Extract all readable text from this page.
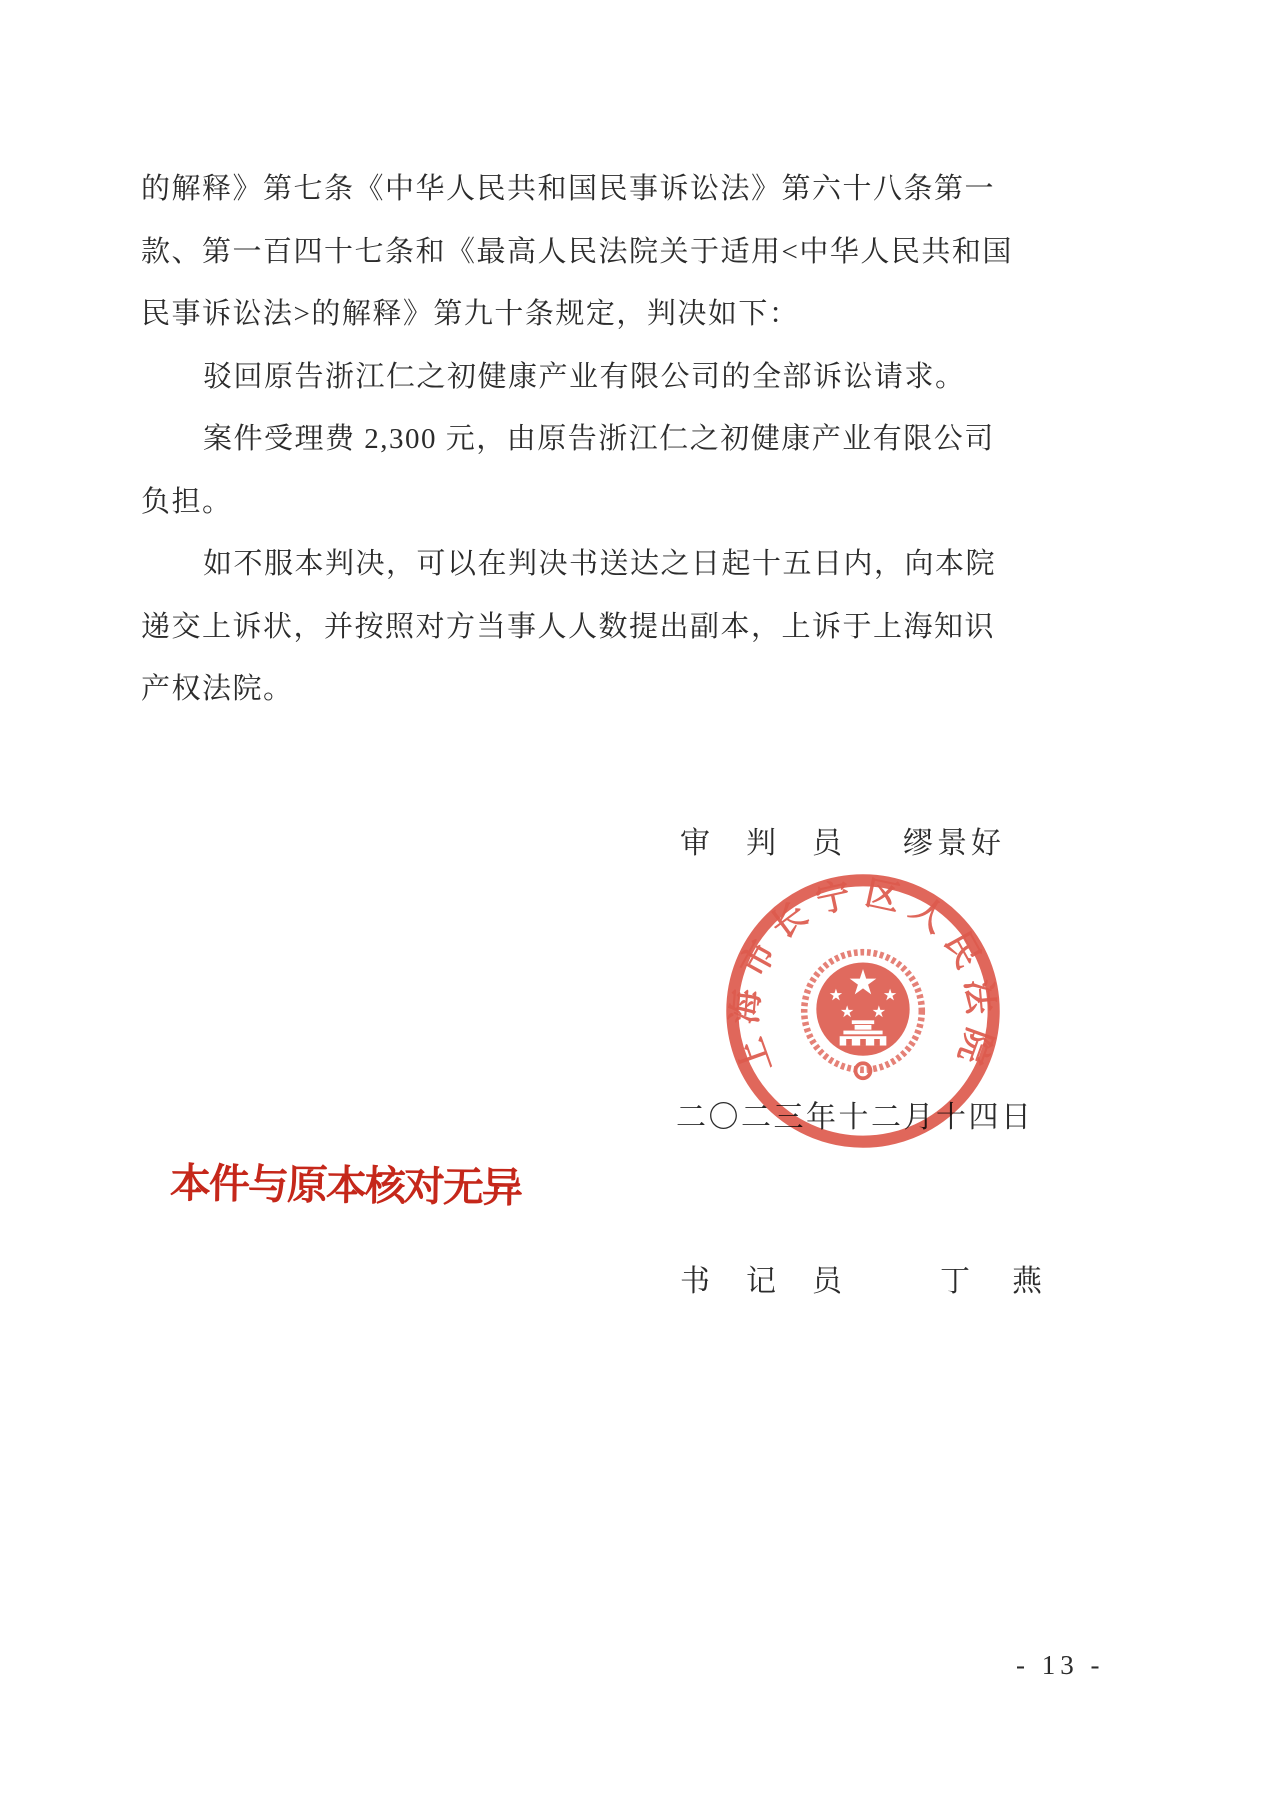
的解释》第七条《中华人民共和国民事诉讼法》第六十八条第一
款、第一百四十七条和《最高人民法院关于适用<中华人民共和国
民事诉讼法>的解释》第九十条规定，判决如下：
驳回原告浙江仁之初健康产业有限公司的全部诉讼请求。
案件受理费 2,300 元，由原告浙江仁之初健康产业有限公司
负担。
如不服本判决，可以在判决书送达之日起十五日内，向本院
递交上诉状，并按照对方当事人人数提出副本，上诉于上海知识
产权法院。
审判员 缪景好
二〇二三年十二月十四日
上海市长宁区人民法院
本件与原本核对无异
书记员 丁　燕
- 13 -
